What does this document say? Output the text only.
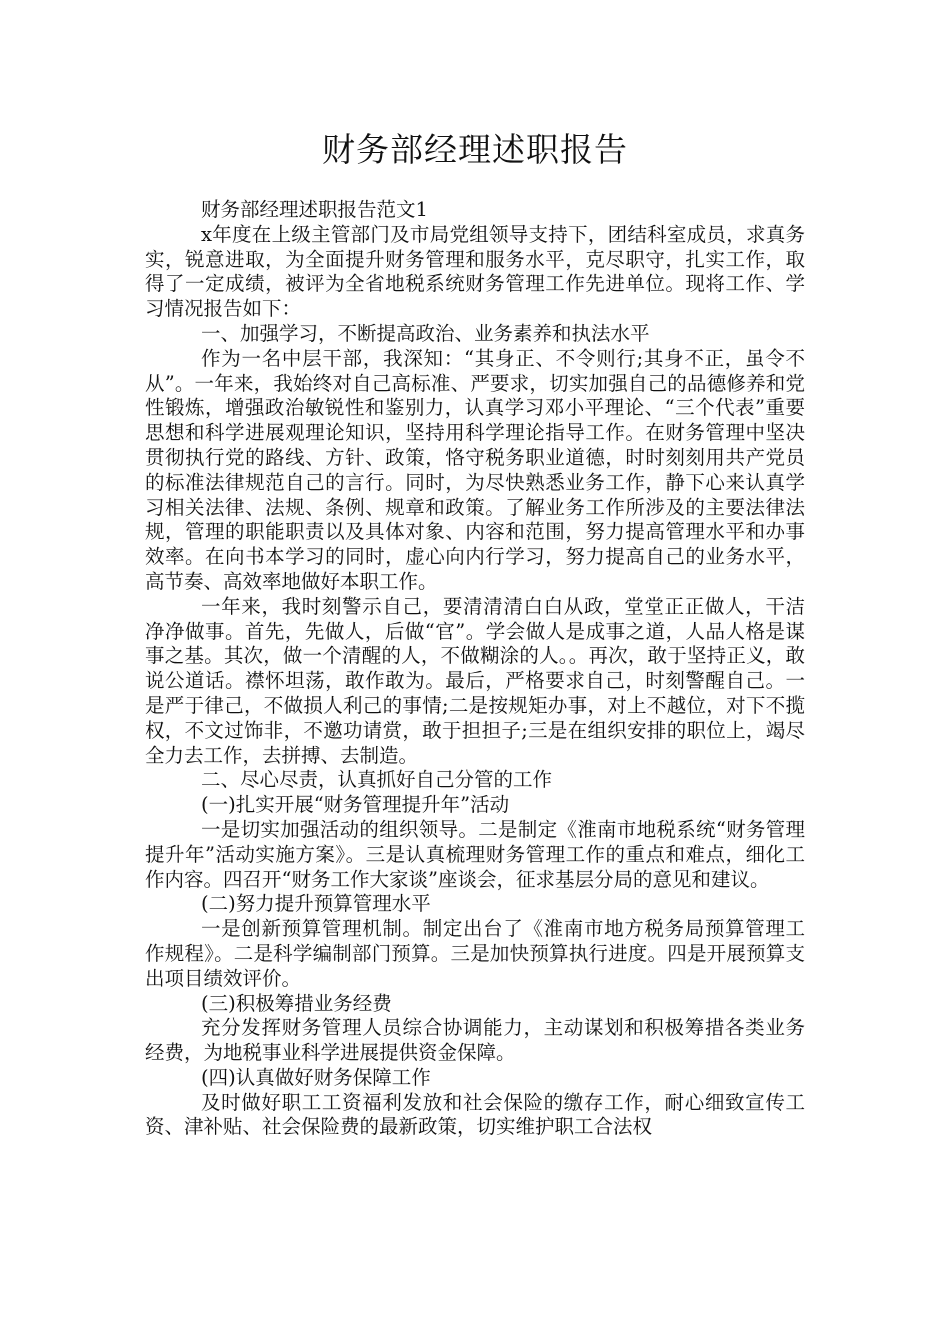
财务部经理述职报告

财务部经理述职报告范文1

x年度在上级主管部门及市局党组领导支持下，团结科室成员，求真务实，锐意进取，为全面提升财务管理和服务水平，克尽职守，扎实工作，取得了一定成绩，被评为全省地税系统财务管理工作先进单位。现将工作、学习情况报告如下：

一、加强学习，不断提高政治、业务素养和执法水平

作为一名中层干部，我深知：“其身正、不令则行;其身不正，虽令不从”。一年来，我始终对自己高标准、严要求，切实加强自己的品德修养和党性锻炼，增强政治敏锐性和鉴别力，认真学习邓小平理论、“三个代表”重要思想和科学进展观理论知识，坚持用科学理论指导工作。在财务管理中坚决贯彻执行党的路线、方针、政策，恪守税务职业道德，时时刻刻用共产党员的标准法律规范自己的言行。同时，为尽快熟悉业务工作，静下心来认真学习相关法律、法规、条例、规章和政策。了解业务工作所涉及的主要法律法规，管理的职能职责以及具体对象、内容和范围，努力提高管理水平和办事效率。在向书本学习的同时，虚心向内行学习，努力提高自己的业务水平，高节奏、高效率地做好本职工作。

一年来，我时刻警示自己，要清清清白白从政，堂堂正正做人，干洁净净做事。首先，先做人，后做“官”。学会做人是成事之道，人品人格是谋事之基。其次，做一个清醒的人，不做糊涂的人。。再次，敢于坚持正义，敢说公道话。襟怀坦荡，敢作敢为。最后，严格要求自己，时刻警醒自己。一是严于律己，不做损人利己的事情;二是按规矩办事，对上不越位，对下不揽权，不文过饰非，不邀功请赏，敢于担担子;三是在组织安排的职位上，竭尽全力去工作，去拼搏、去制造。

二、尽心尽责，认真抓好自己分管的工作

(一)扎实开展“财务管理提升年”活动

一是切实加强活动的组织领导。二是制定《淮南市地税系统“财务管理提升年”活动实施方案》。三是认真梳理财务管理工作的重点和难点，细化工作内容。四召开“财务工作大家谈”座谈会，征求基层分局的意见和建议。

(二)努力提升预算管理水平

一是创新预算管理机制。制定出台了《淮南市地方税务局预算管理工作规程》。二是科学编制部门预算。三是加快预算执行进度。四是开展预算支出项目绩效评价。

(三)积极筹措业务经费

充分发挥财务管理人员综合协调能力，主动谋划和积极筹措各类业务经费，为地税事业科学进展提供资金保障。

(四)认真做好财务保障工作

及时做好职工工资福利发放和社会保险的缴存工作，耐心细致宣传工资、津补贴、社会保险费的最新政策，切实维护职工合法权
